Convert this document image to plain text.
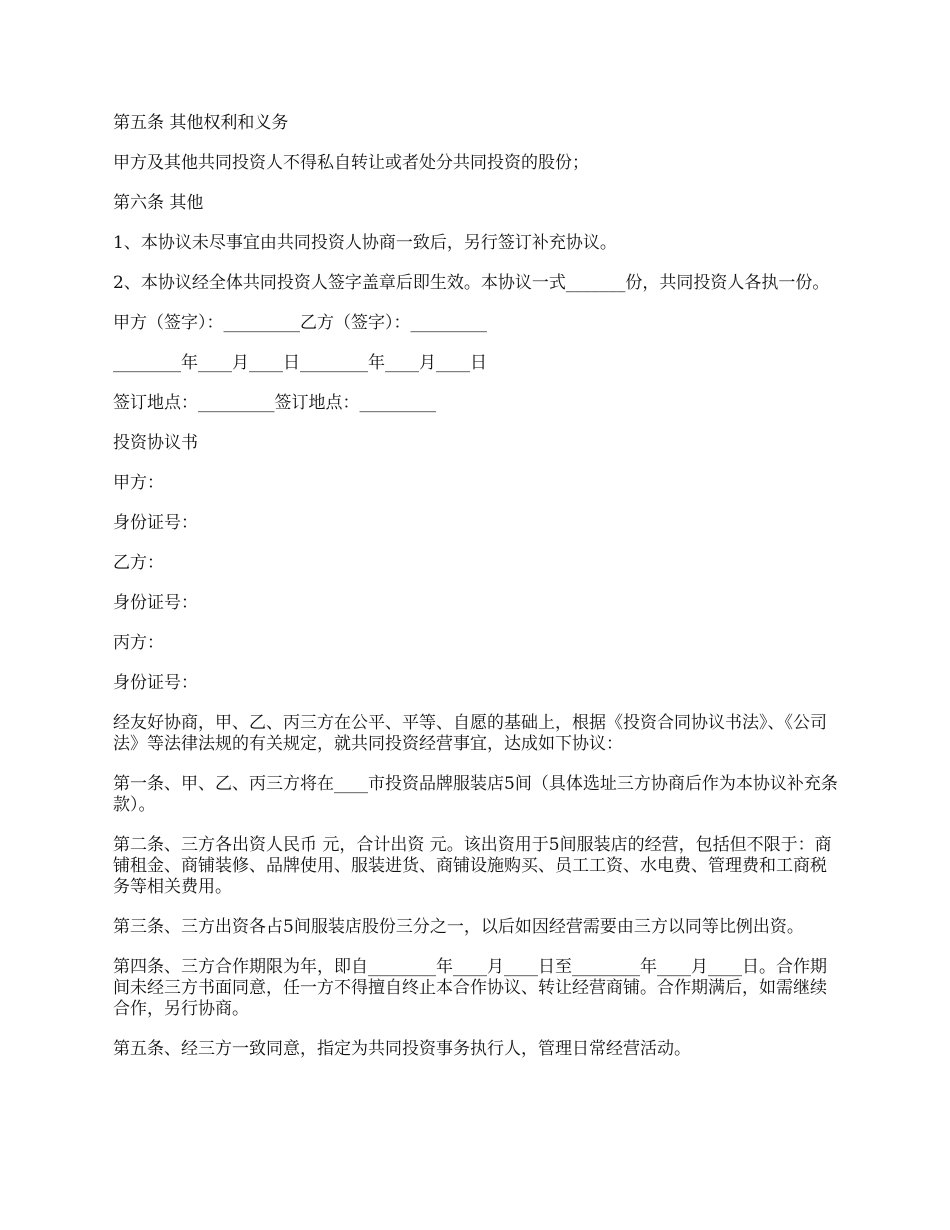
第五条 其他权利和义务

甲方及其他共同投资人不得私自转让或者处分共同投资的股份；

第六条 其他

1、本协议未尽事宜由共同投资人协商一致后，另行签订补充协议。

2、本协议经全体共同投资人签字盖章后即生效。本协议一式_______份，共同投资人各执一份。

甲方（签字）：_________乙方（签字）：_________

________年____月____日________年____月____日

签订地点：_________签订地点：_________

投资协议书

甲方：

身份证号：

乙方：

身份证号：

丙方：

身份证号：

经友好协商，甲、乙、丙三方在公平、平等、自愿的基础上，根据《投资合同协议书法》、《公司法》等法律法规的有关规定，就共同投资经营事宜，达成如下协议：

第一条、甲、乙、丙三方将在____市投资品牌服装店5间（具体选址三方协商后作为本协议补充条款）。

第二条、三方各出资人民币 元，合计出资 元。该出资用于5间服装店的经营，包括但不限于：商铺租金、商铺装修、品牌使用、服装进货、商铺设施购买、员工工资、水电费、管理费和工商税务等相关费用。

第三条、三方出资各占5间服装店股份三分之一，以后如因经营需要由三方以同等比例出资。

第四条、三方合作期限为年，即自________年____月____日至________年____月____日。合作期间未经三方书面同意，任一方不得擅自终止本合作协议、转让经营商铺。合作期满后，如需继续合作，另行协商。

第五条、经三方一致同意，指定为共同投资事务执行人，管理日常经营活动。
